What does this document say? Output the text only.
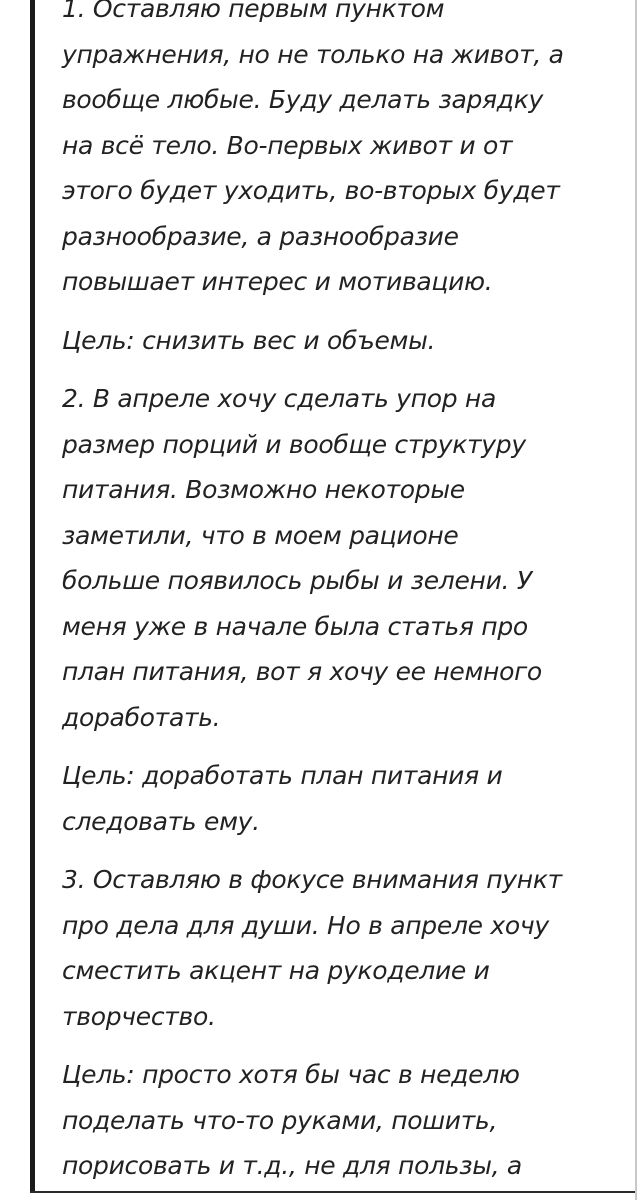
1. Оставляю первым пунктом
упражнения, но не только на живот, а
вообще любые. Буду делать зарядку
на всё тело. Во-первых живот и от
этого будет уходить, во-вторых будет
разнообразие, а разнообразие
повышает интерес и мотивацию.

Цель: снизить вес и объемы.

2. В апреле хочу сделать упор на
размер порций и вообще структуру
питания. Возможно некоторые
заметили, что в моем рационе
больше появилось рыбы и зелени. У
меня уже в начале была статья про
план питания, вот я хочу ее немного
доработать.

Цель: доработать план питания и
следовать ему.

3. Оставляю в фокусе внимания пункт
про дела для души. Но в апреле хочу
сместить акцент на рукоделие и
творчество.

Цель: просто хотя бы час в неделю
поделать что-то руками, пошить,
порисовать и т.д., не для пользы, а
